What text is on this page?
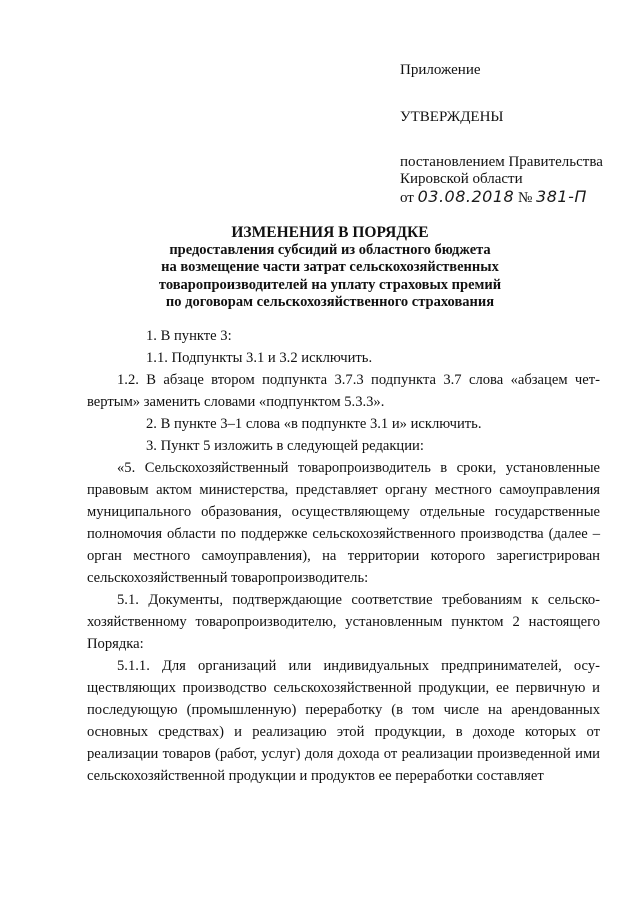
Приложение
УТВЕРЖДЕНЫ
постановлением Правительства
Кировской области
от 03.08.2018 № 381-П
ИЗМЕНЕНИЯ В ПОРЯДКЕ
предоставления субсидий из областного бюджета
на возмещение части затрат сельскохозяйственных
товаропроизводителей на уплату страховых премий
по договорам сельскохозяйственного страхования

1. В пункте 3:

1.1. Подпункты 3.1 и 3.2 исключить.

1.2. В абзаце втором подпункта 3.7.3 подпункта 3.7 слова «абзацем четвертым» заменить словами «подпунктом 5.3.3».

2. В пункте 3–1 слова «в подпункте 3.1 и» исключить.

3. Пункт 5 изложить в следующей редакции:

«5. Сельскохозяйственный товаропроизводитель в сроки, установленные правовым актом министерства, представляет органу местного самоуправления муниципального образования, осуществляющему отдельные государственные полномочия области по поддержке сельскохозяйственного производства (далее – орган местного самоуправления), на территории которого зарегистрирован сельскохозяйственный товаропроизводитель:

5.1. Документы, подтверждающие соответствие требованиям к сельскохозяйственному товаропроизводителю, установленным пунктом 2 настоящего Порядка:

5.1.1. Для организаций или индивидуальных предпринимателей, осуществляющих производство сельскохозяйственной продукции, ее первичную и последующую (промышленную) переработку (в том числе на арендованных основных средствах) и реализацию этой продукции, в доходе которых от реализации товаров (работ, услуг) доля дохода от реализации произведенной ими сельскохозяйственной продукции и продуктов ее переработки составляет
